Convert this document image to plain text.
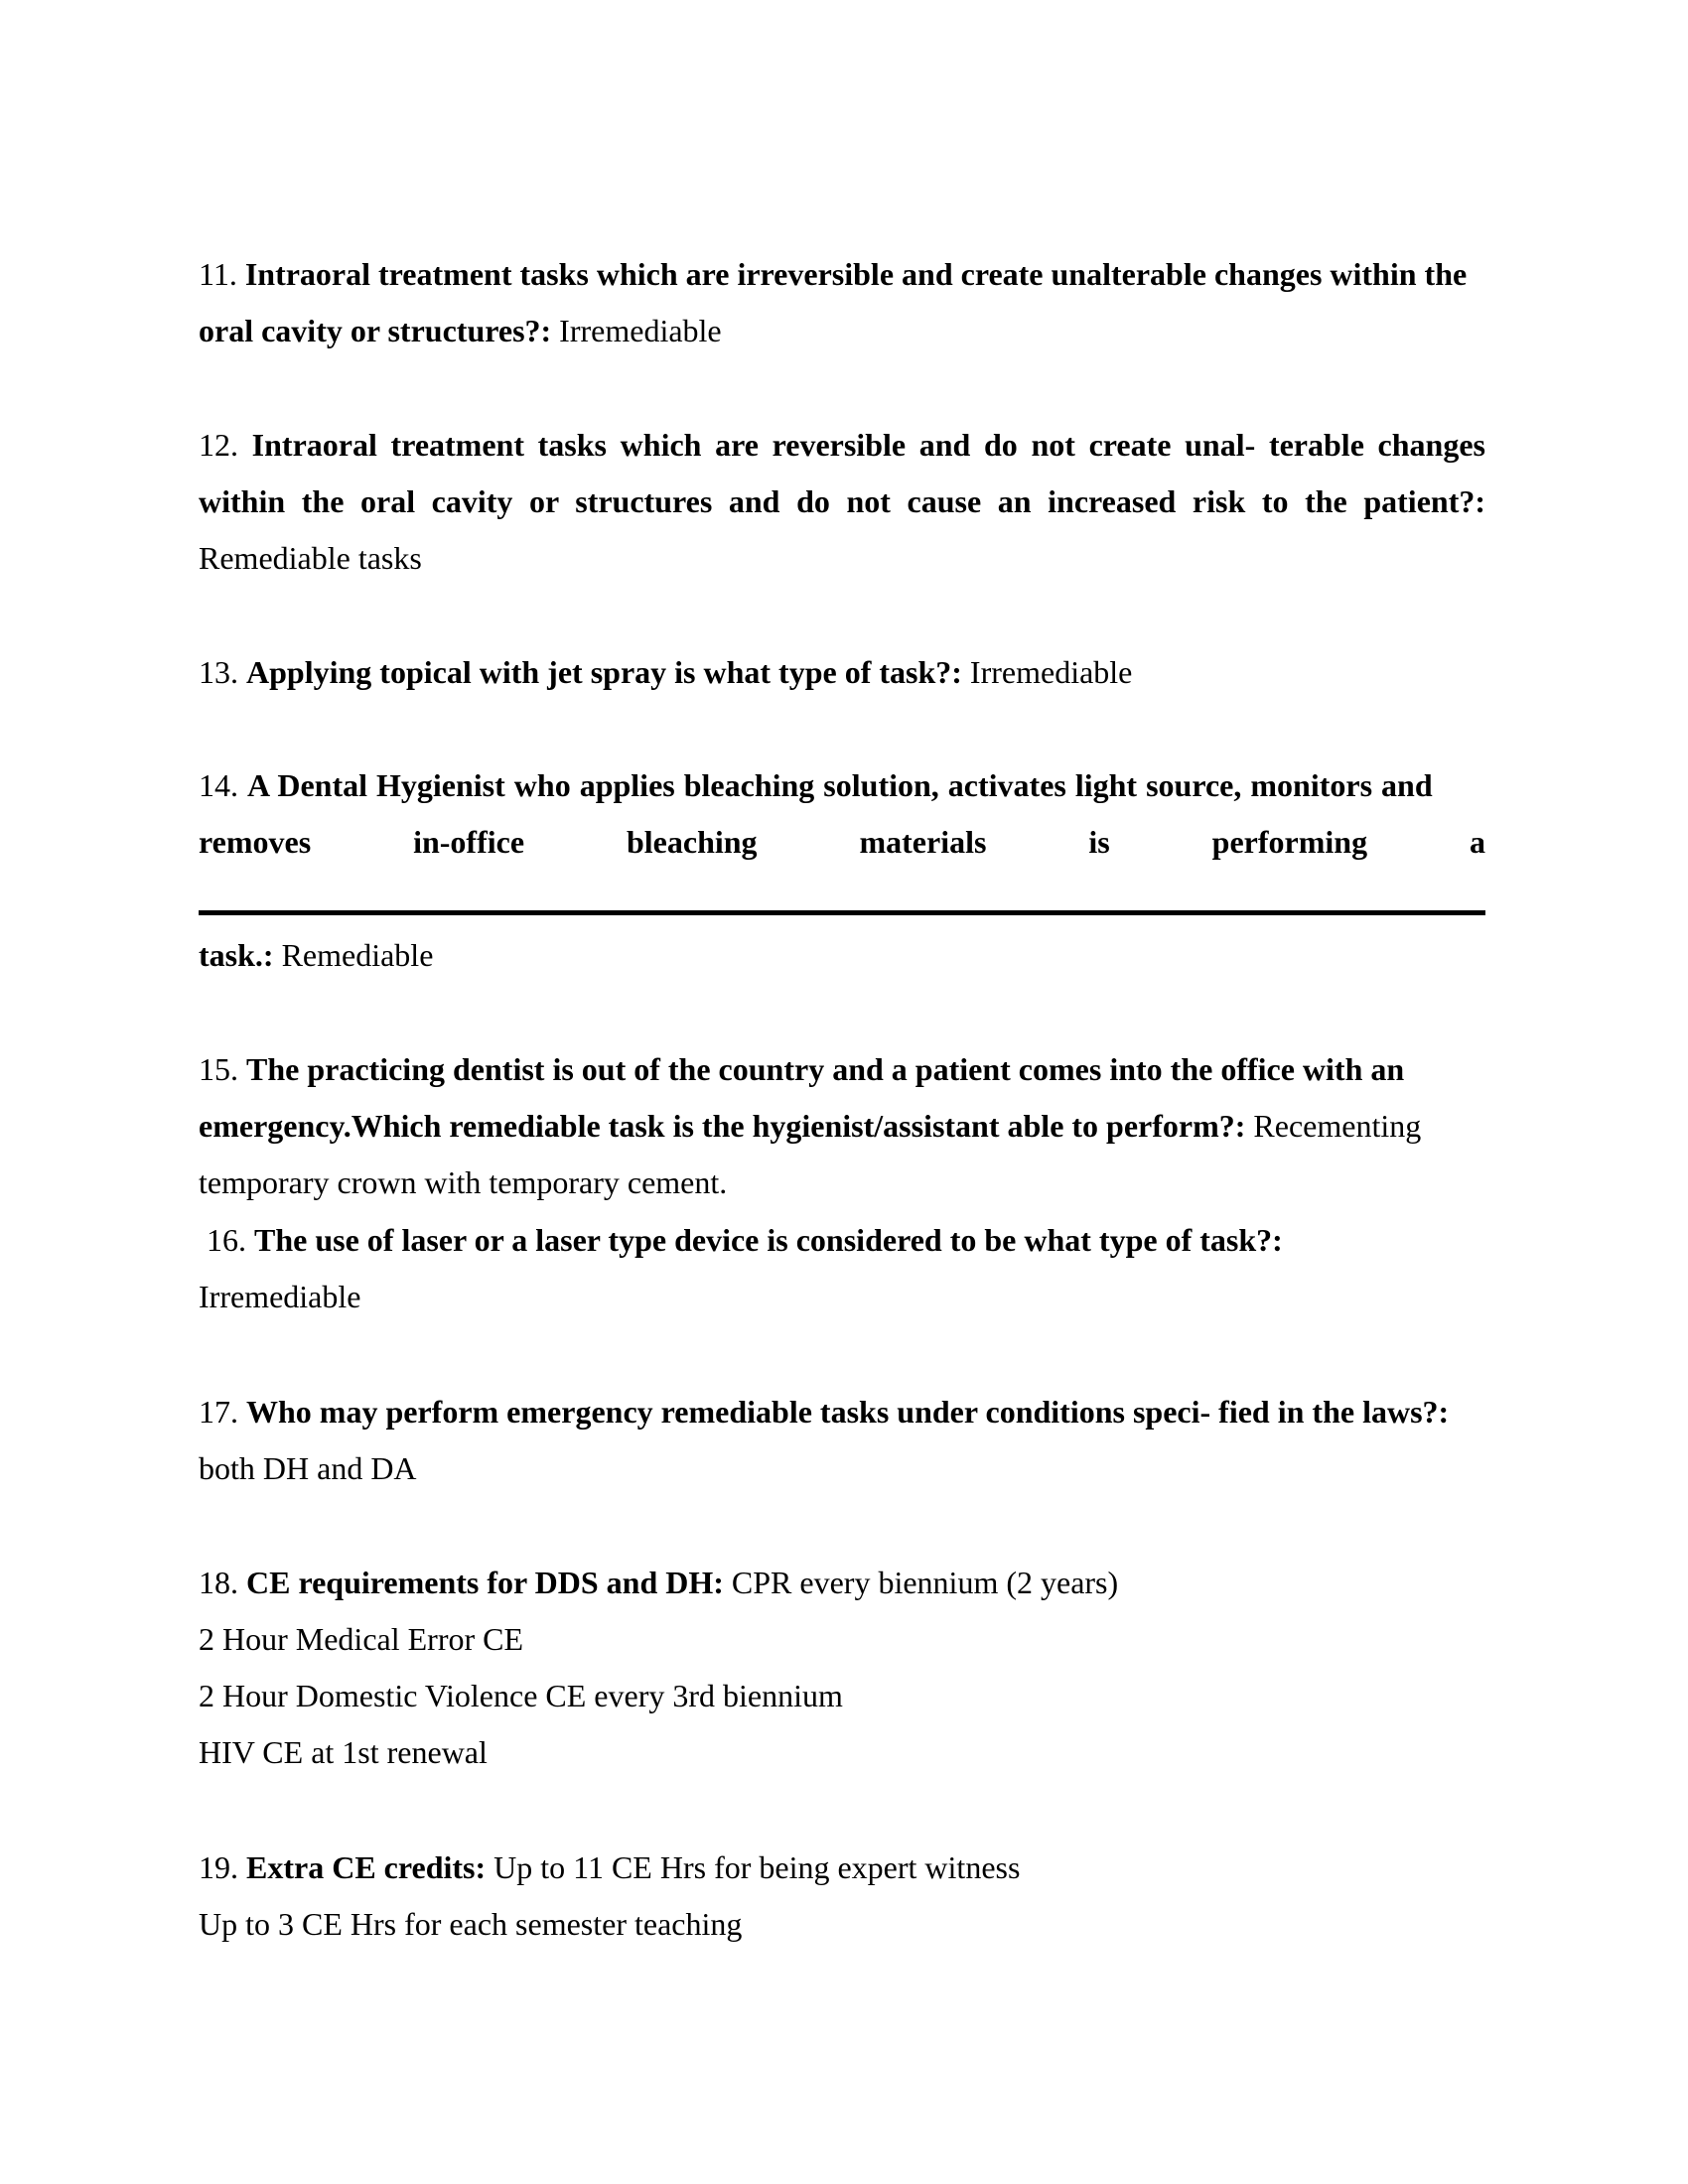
11. Intraoral treatment tasks which are irreversible and create unalterable changes within the oral cavity or structures?: Irremediable
12. Intraoral treatment tasks which are reversible and do not create unal- terable changes within the oral cavity or structures and do not cause an increased risk to the patient?: Remediable tasks
13. Applying topical with jet spray is what type of task?: Irremediable
14. A Dental Hygienist who applies bleaching solution, activates light source, monitors and
removes	in-office	bleaching	materials	is	performing	a
task.: Remediable
15. The practicing dentist is out of the country and a patient comes into the office with an emergency.Which remediable task is the hygienist/assistant able to perform?: Recementing temporary crown with temporary cement.
16. The use of laser or a laser type device is considered to be what type of task?:
Irremediable
17. Who may perform emergency remediable tasks under conditions speci- fied in the laws?: both DH and DA
18. CE requirements for DDS and DH: CPR every biennium (2 years)
2 Hour Medical Error CE
2 Hour Domestic Violence CE every 3rd biennium
HIV CE at 1st renewal
19. Extra CE credits: Up to 11 CE Hrs for being expert witness
Up to 3 CE Hrs for each semester teaching
